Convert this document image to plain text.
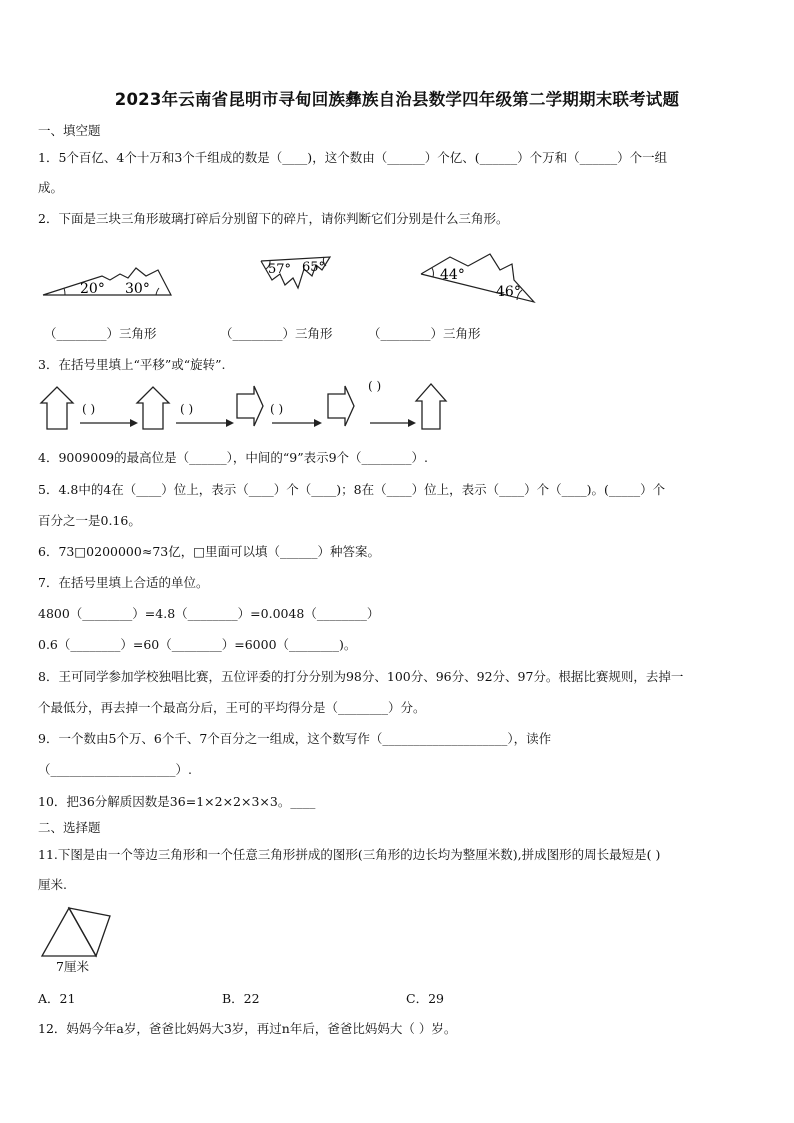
2023年云南省昆明市寻甸回族彝族自治县数学四年级第二学期期末联考试题
一、填空题
1．5个百亿、4个十万和3个千组成的数是（____)，这个数由（______）个亿、(______）个万和（______）个一组
成。
2．下面是三块三角形玻璃打碎后分别留下的碎片，请你判断它们分别是什么三角形。
20° 30°
57° 65°	44°
46°
（________）三角形	（________）三角形	（________）三角形
3．在括号里填上“平移”或“旋转”.
( )	( )	( )
( )
4．9009009的最高位是（______），中间的“9”表示9个（________）.
5．4.8中的4在（____）位上，表示（____）个（____)；8在（____）位上，表示（____）个（____)。(_____）个
百分之一是0.16。
6．73□0200000≈73亿，□里面可以填（______）种答案。
7．在括号里填上合适的单位。
4800（________）=4.8（________）=0.0048（________）
0.6（________）=60（________）=6000（________)。
8．王可同学参加学校独唱比赛，五位评委的打分分别为98分、100分、96分、92分、97分。根据比赛规则，去掉一
个最低分，再去掉一个最高分后，王可的平均得分是（________）分。
9．一个数由5个万、6个千、7个百分之一组成，这个数写作（____________________），读作
（____________________）.
10．把36分解质因数是36=1×2×2×3×3。____
二、选择题
11.下图是由一个等边三角形和一个任意三角形拼成的图形(三角形的边长均为整厘米数),拼成图形的周长最短是( )
厘米.
7厘米
A．21	B．22	C．29
12．妈妈今年a岁，爸爸比妈妈大3岁，再过n年后，爸爸比妈妈大（ ）岁。
